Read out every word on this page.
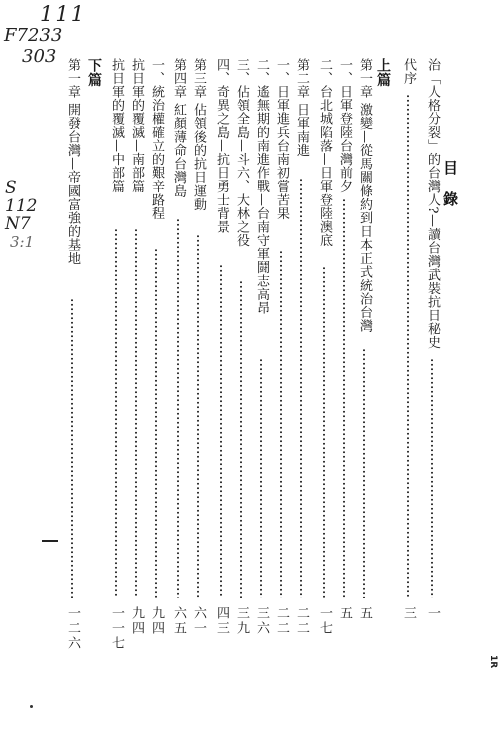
111
F7233
303
S
112
N7
3:1
目錄
治「人格分裂」的台灣人?—讀台灣武裝抗日秘史
一
代序
三
上篇
第一章 激變—從馬關條約到日本正式統治台灣
五
一、日軍登陸台灣前夕
五
二、台北城陷落—日軍登陸澳底
一七
第二章 日軍南進
二二
一、日軍進兵台南初嘗苦果
二二
二、遙無期的南進作戰—台南守軍鬪志高昂
三六
三、佔領全島—斗六、大林之役
三九
四、奇異之島—抗日勇士背景
四三
第三章 佔領後的抗日運動
六一
第四章 紅顏薄命台灣島
六五
一、統治權確立的艱辛路程
九四
抗日軍的覆滅—南部篇
九四
抗日軍的覆滅—中部篇
一一七
下篇
第一章 開發台灣—帝國富強的基地
一二六
1R
